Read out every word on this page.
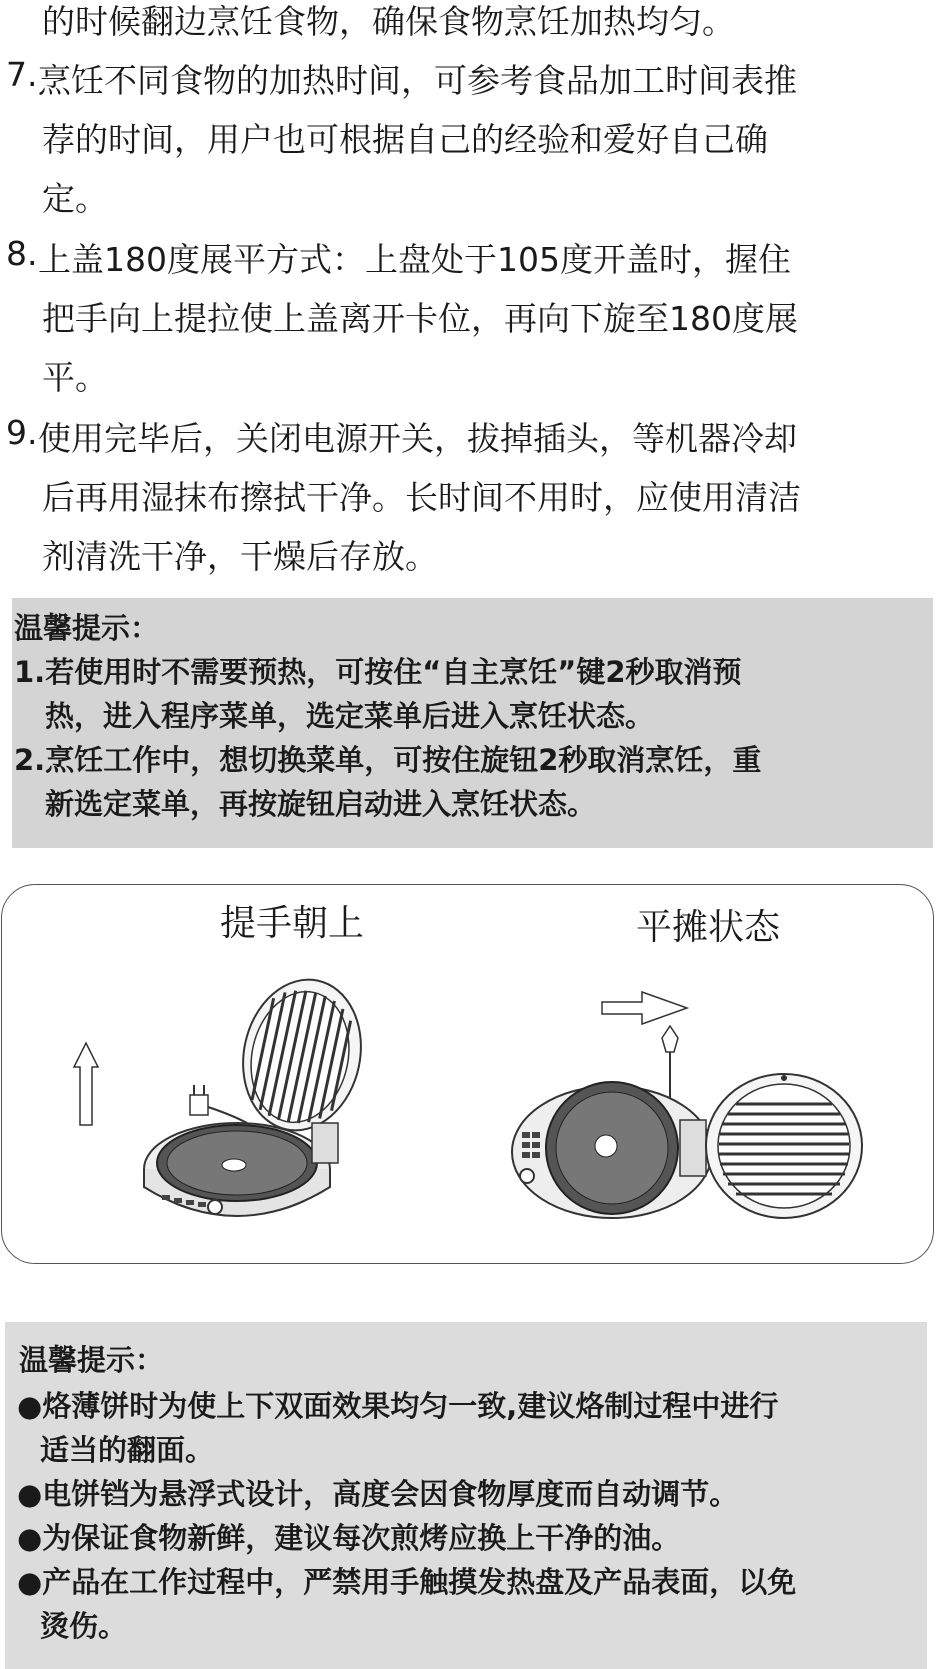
的时候翻边烹饪食物，确保食物烹饪加热均匀。
7. 烹饪不同食物的加热时间，可参考食品加工时间表推
荐的时间，用户也可根据自己的经验和爱好自己确
定。
8. 上盖180度展平方式：上盘处于105度开盖时，握住
把手向上提拉使上盖离开卡位，再向下旋至180度展
平。
9. 使用完毕后，关闭电源开关，拔掉插头，等机器冷却
后再用湿抹布擦拭干净。长时间不用时，应使用清洁
剂清洗干净，干燥后存放。
温馨提示：
1.若使用时不需要预热，可按住“自主烹饪”键2秒取消预
热，进入程序菜单，选定菜单后进入烹饪状态。
2.烹饪工作中，想切换菜单，可按住旋钮2秒取消烹饪，重
新选定菜单，再按旋钮启动进入烹饪状态。
提手朝上	平摊状态
温馨提示：
●烙薄饼时为使上下双面效果均匀一致,建议烙制过程中进行
适当的翻面。
●电饼铛为悬浮式设计，高度会因食物厚度而自动调节。
●为保证食物新鲜，建议每次煎烤应换上干净的油。
●产品在工作过程中，严禁用手触摸发热盘及产品表面，以免
烫伤。
